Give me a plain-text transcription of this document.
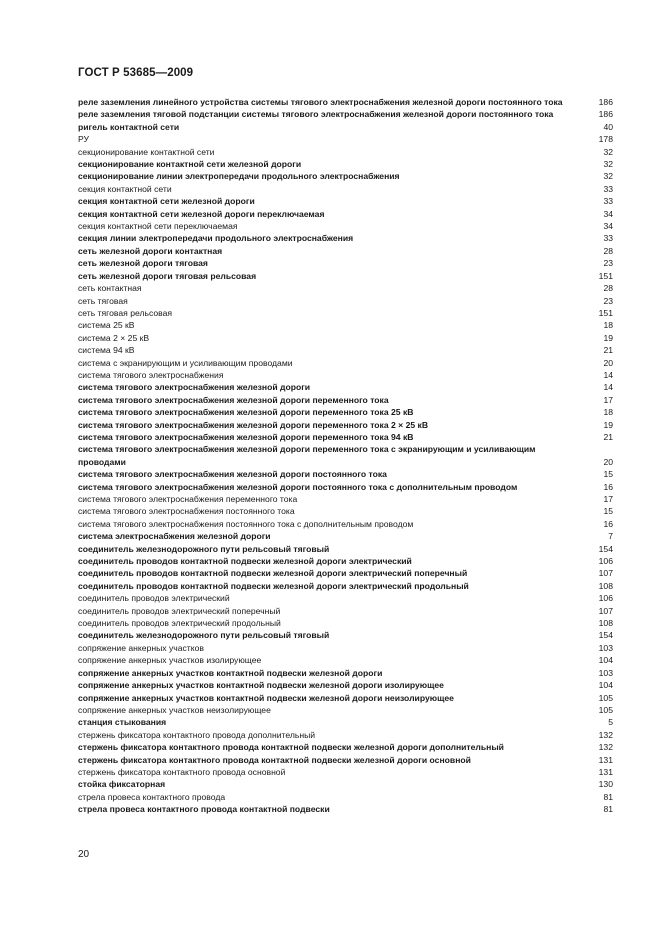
ГОСТ Р 53685—2009
реле заземления линейного устройства системы тягового электроснабжения железной дороги постоянного тока	186
реле заземления тяговой подстанции системы тягового электроснабжения железной дороги постоянного тока	186
ригель контактной сети	40
РУ	178
секционирование контактной сети	32
секционирование контактной сети железной дороги	32
секционирование линии электропередачи продольного электроснабжения	32
секция контактной сети	33
секция контактной сети железной дороги	33
секция контактной сети железной дороги переключаемая	34
секция контактной сети переключаемая	34
секция линии электропередачи продольного электроснабжения	33
сеть железной дороги контактная	28
сеть железной дороги тяговая	23
сеть железной дороги тяговая рельсовая	151
сеть контактная	28
сеть тяговая	23
сеть тяговая рельсовая	151
система 25 кВ	18
система 2 × 25 кВ	19
система 94 кВ	21
система с экранирующим и усиливающим проводами	20
система тягового электроснабжения	14
система тягового электроснабжения железной дороги	14
система тягового электроснабжения железной дороги переменного тока	17
система тягового электроснабжения железной дороги переменного тока 25 кВ	18
система тягового электроснабжения железной дороги переменного тока 2 × 25 кВ	19
система тягового электроснабжения железной дороги переменного тока 94 кВ	21
система тягового электроснабжения железной дороги переменного тока с экранирующим и усиливающим проводами	20
система тягового электроснабжения железной дороги постоянного тока	15
система тягового электроснабжения железной дороги постоянного тока с дополнительным проводом	16
система тягового электроснабжения переменного тока	17
система тягового электроснабжения постоянного тока	15
система тягового электроснабжения постоянного тока с дополнительным проводом	16
система электроснабжения железной дороги	7
соединитель железнодорожного пути рельсовый тяговый	154
соединитель проводов контактной подвески железной дороги электрический	106
соединитель проводов контактной подвески железной дороги электрический поперечный	107
соединитель проводов контактной подвески железной дороги электрический продольный	108
соединитель проводов электрический	106
соединитель проводов электрический поперечный	107
соединитель проводов электрический продольный	108
соединитель железнодорожного пути рельсовый тяговый	154
сопряжение анкерных участков	103
сопряжение анкерных участков изолирующее	104
сопряжение анкерных участков контактной подвески железной дороги	103
сопряжение анкерных участков контактной подвески железной дороги изолирующее	104
сопряжение анкерных участков контактной подвески железной дороги неизолирующее	105
сопряжение анкерных участков неизолирующее	105
станция стыкования	5
стержень фиксатора контактного провода дополнительный	132
стержень фиксатора контактного провода контактной подвески железной дороги дополнительный	132
стержень фиксатора контактного провода контактной подвески железной дороги основной	131
стержень фиксатора контактного провода основной	131
стойка фиксаторная	130
стрела провеса контактного провода	81
стрела провеса контактного провода контактной подвески	81
20
